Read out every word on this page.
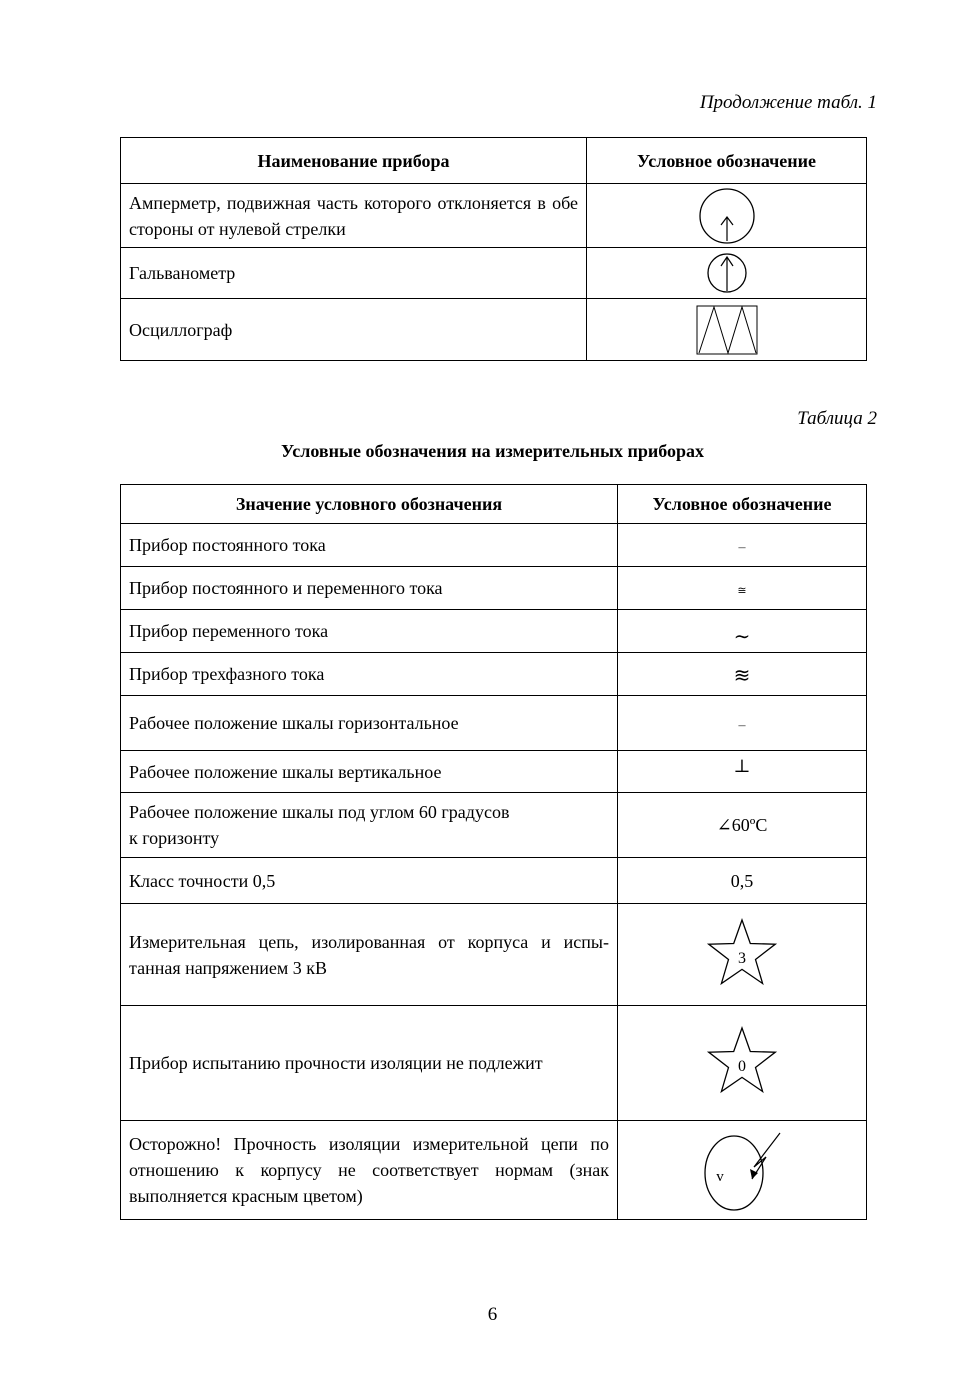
Продолжение табл. 1
Наименование прибора	Условное обозначение
Амперметр, подвижная часть которого отклоняется в обе стороны от нулевой стрелки	

Гальванометр	

Осциллограф	
Таблица 2
Условные обозначения на измерительных приборах
Значение условного обозначения	Условное обозначение
Прибор постоянного тока	–
Прибор постоянного и переменного тока	≅
Прибор переменного тока	∼
Прибор трехфазного тока	≋
Рабочее положение шкалы горизонтальное	–
Рабочее положение шкалы вертикальное	⊥
Рабочее положение шкалы под углом 60 градусов
к горизонту	∠60ºC
Класс точности 0,5	0,5
Измерительная цепь, изолированная от корпуса и испы-танная напряжением 3 кВ	3

Прибор испытанию прочности изоляции не подлежит	0

Осторожно! Прочность изоляции измерительной цепи по отношению к корпусу не соответствует нормам (знак выполняется красным цветом)	v
6
